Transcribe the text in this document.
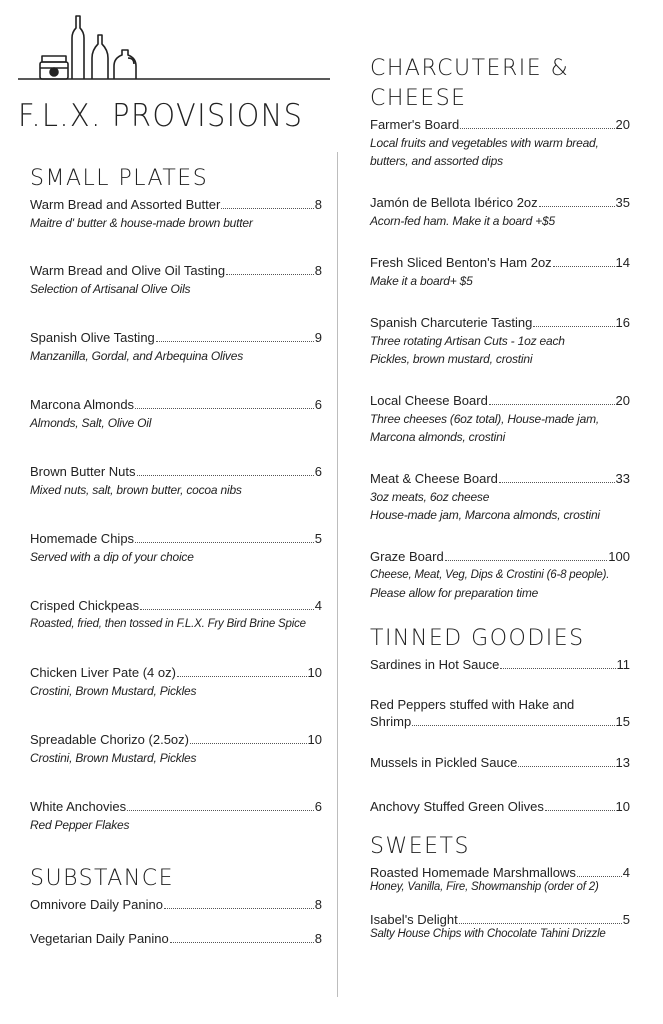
F.L.X. PROVISIONS
SMALL PLATES
Warm Bread and Assorted Butter	8
Maitre d' butter & house-made brown butter
Warm Bread and Olive Oil Tasting	8
Selection of Artisanal Olive Oils
Spanish Olive Tasting	9
Manzanilla, Gordal, and Arbequina Olives
Marcona Almonds	6
Almonds, Salt, Olive Oil
Brown Butter Nuts	6
Mixed nuts, salt, brown butter, cocoa nibs
Homemade Chips	5
Served with a dip of your choice
Crisped Chickpeas	4
Roasted, fried, then tossed in F.L.X. Fry Bird Brine Spice
Chicken Liver Pate (4 oz)	10
Crostini, Brown Mustard, Pickles
Spreadable Chorizo (2.5oz)	10
Crostini, Brown Mustard, Pickles
White Anchovies	6
Red Pepper Flakes
SUBSTANCE
Omnivore Daily Panino	8
Vegetarian Daily Panino	8
CHARCUTERIE &
CHEESE
Farmer's Board	20
Local fruits and vegetables with warm bread,
butters, and assorted dips
Jamón de Bellota Ibérico 2oz	35
Acorn-fed ham. Make it a board +$5
Fresh Sliced Benton's Ham 2oz	14
Make it a board+ $5
Spanish Charcuterie Tasting	16
Three rotating Artisan Cuts - 1oz each
Pickles, brown mustard, crostini
Local Cheese Board	20
Three cheeses (6oz total), House-made jam,
Marcona almonds, crostini
Meat & Cheese Board	33
3oz meats, 6oz cheese
House-made jam, Marcona almonds, crostini
Graze Board	100
Cheese, Meat, Veg, Dips & Crostini (6-8 people).
Please allow for preparation time
TINNED GOODIES
Sardines in Hot Sauce	11
Red Peppers stuffed with Hake and
Shrimp	15
Mussels in Pickled Sauce	13
Anchovy Stuffed Green Olives	10
SWEETS
Roasted Homemade Marshmallows	4
Honey, Vanilla, Fire, Showmanship (order of 2)
Isabel's Delight	5
Salty House Chips with Chocolate Tahini Drizzle
